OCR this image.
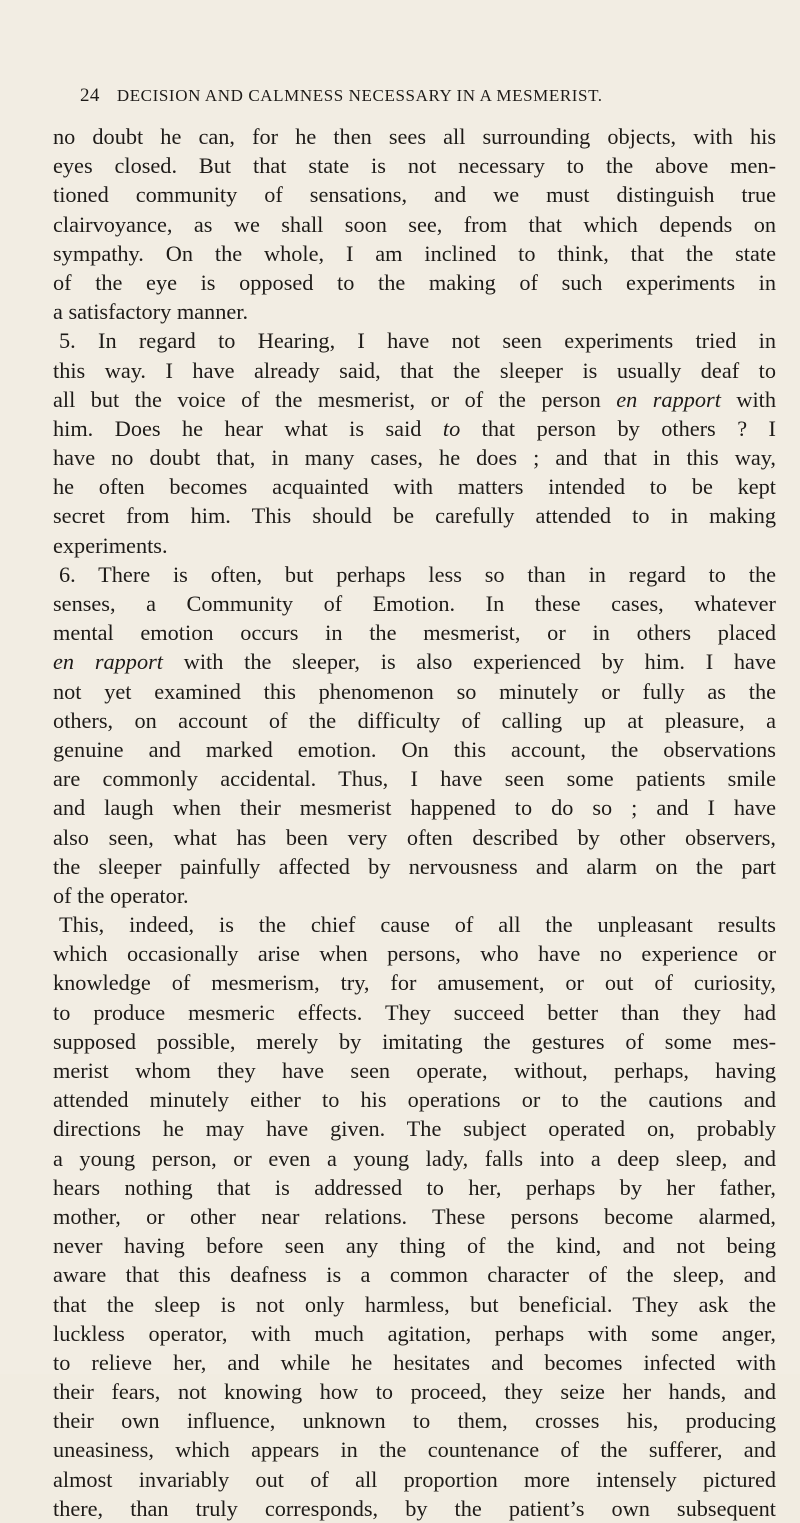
24 DECISION AND CALMNESS NECESSARY IN A MESMERIST.
no doubt he can, for he then sees all surrounding objects, with his
eyes closed. But that state is not necessary to the above men-
tioned community of sensations, and we must distinguish true
clairvoyance, as we shall soon see, from that which depends on
sympathy. On the whole, I am inclined to think, that the state
of the eye is opposed to the making of such experiments in
a satisfactory manner.
5. In regard to Hearing, I have not seen experiments tried in
this way. I have already said, that the sleeper is usually deaf to
all but the voice of the mesmerist, or of the person en rapport with
him. Does he hear what is said to that person by others ? I
have no doubt that, in many cases, he does ; and that in this way,
he often becomes acquainted with matters intended to be kept
secret from him. This should be carefully attended to in making
experiments.
6. There is often, but perhaps less so than in regard to the
senses, a Community of Emotion. In these cases, whatever
mental emotion occurs in the mesmerist, or in others placed
en rapport with the sleeper, is also experienced by him. I have
not yet examined this phenomenon so minutely or fully as the
others, on account of the difficulty of calling up at pleasure, a
genuine and marked emotion. On this account, the observations
are commonly accidental. Thus, I have seen some patients smile
and laugh when their mesmerist happened to do so ; and I have
also seen, what has been very often described by other observers,
the sleeper painfully affected by nervousness and alarm on the part
of the operator.
This, indeed, is the chief cause of all the unpleasant results
which occasionally arise when persons, who have no experience or
knowledge of mesmerism, try, for amusement, or out of curiosity,
to produce mesmeric effects. They succeed better than they had
supposed possible, merely by imitating the gestures of some mes-
merist whom they have seen operate, without, perhaps, having
attended minutely either to his operations or to the cautions and
directions he may have given. The subject operated on, probably
a young person, or even a young lady, falls into a deep sleep, and
hears nothing that is addressed to her, perhaps by her father,
mother, or other near relations. These persons become alarmed,
never having before seen any thing of the kind, and not being
aware that this deafness is a common character of the sleep, and
that the sleep is not only harmless, but beneficial. They ask the
luckless operator, with much agitation, perhaps with some anger,
to relieve her, and while he hesitates and becomes infected with
their fears, not knowing how to proceed, they seize her hands, and
their own influence, unknown to them, crosses his, producing
uneasiness, which appears in the countenance of the sufferer, and
almost invariably out of all proportion more intensely pictured
there, than truly corresponds, by the patient’s own subsequent
